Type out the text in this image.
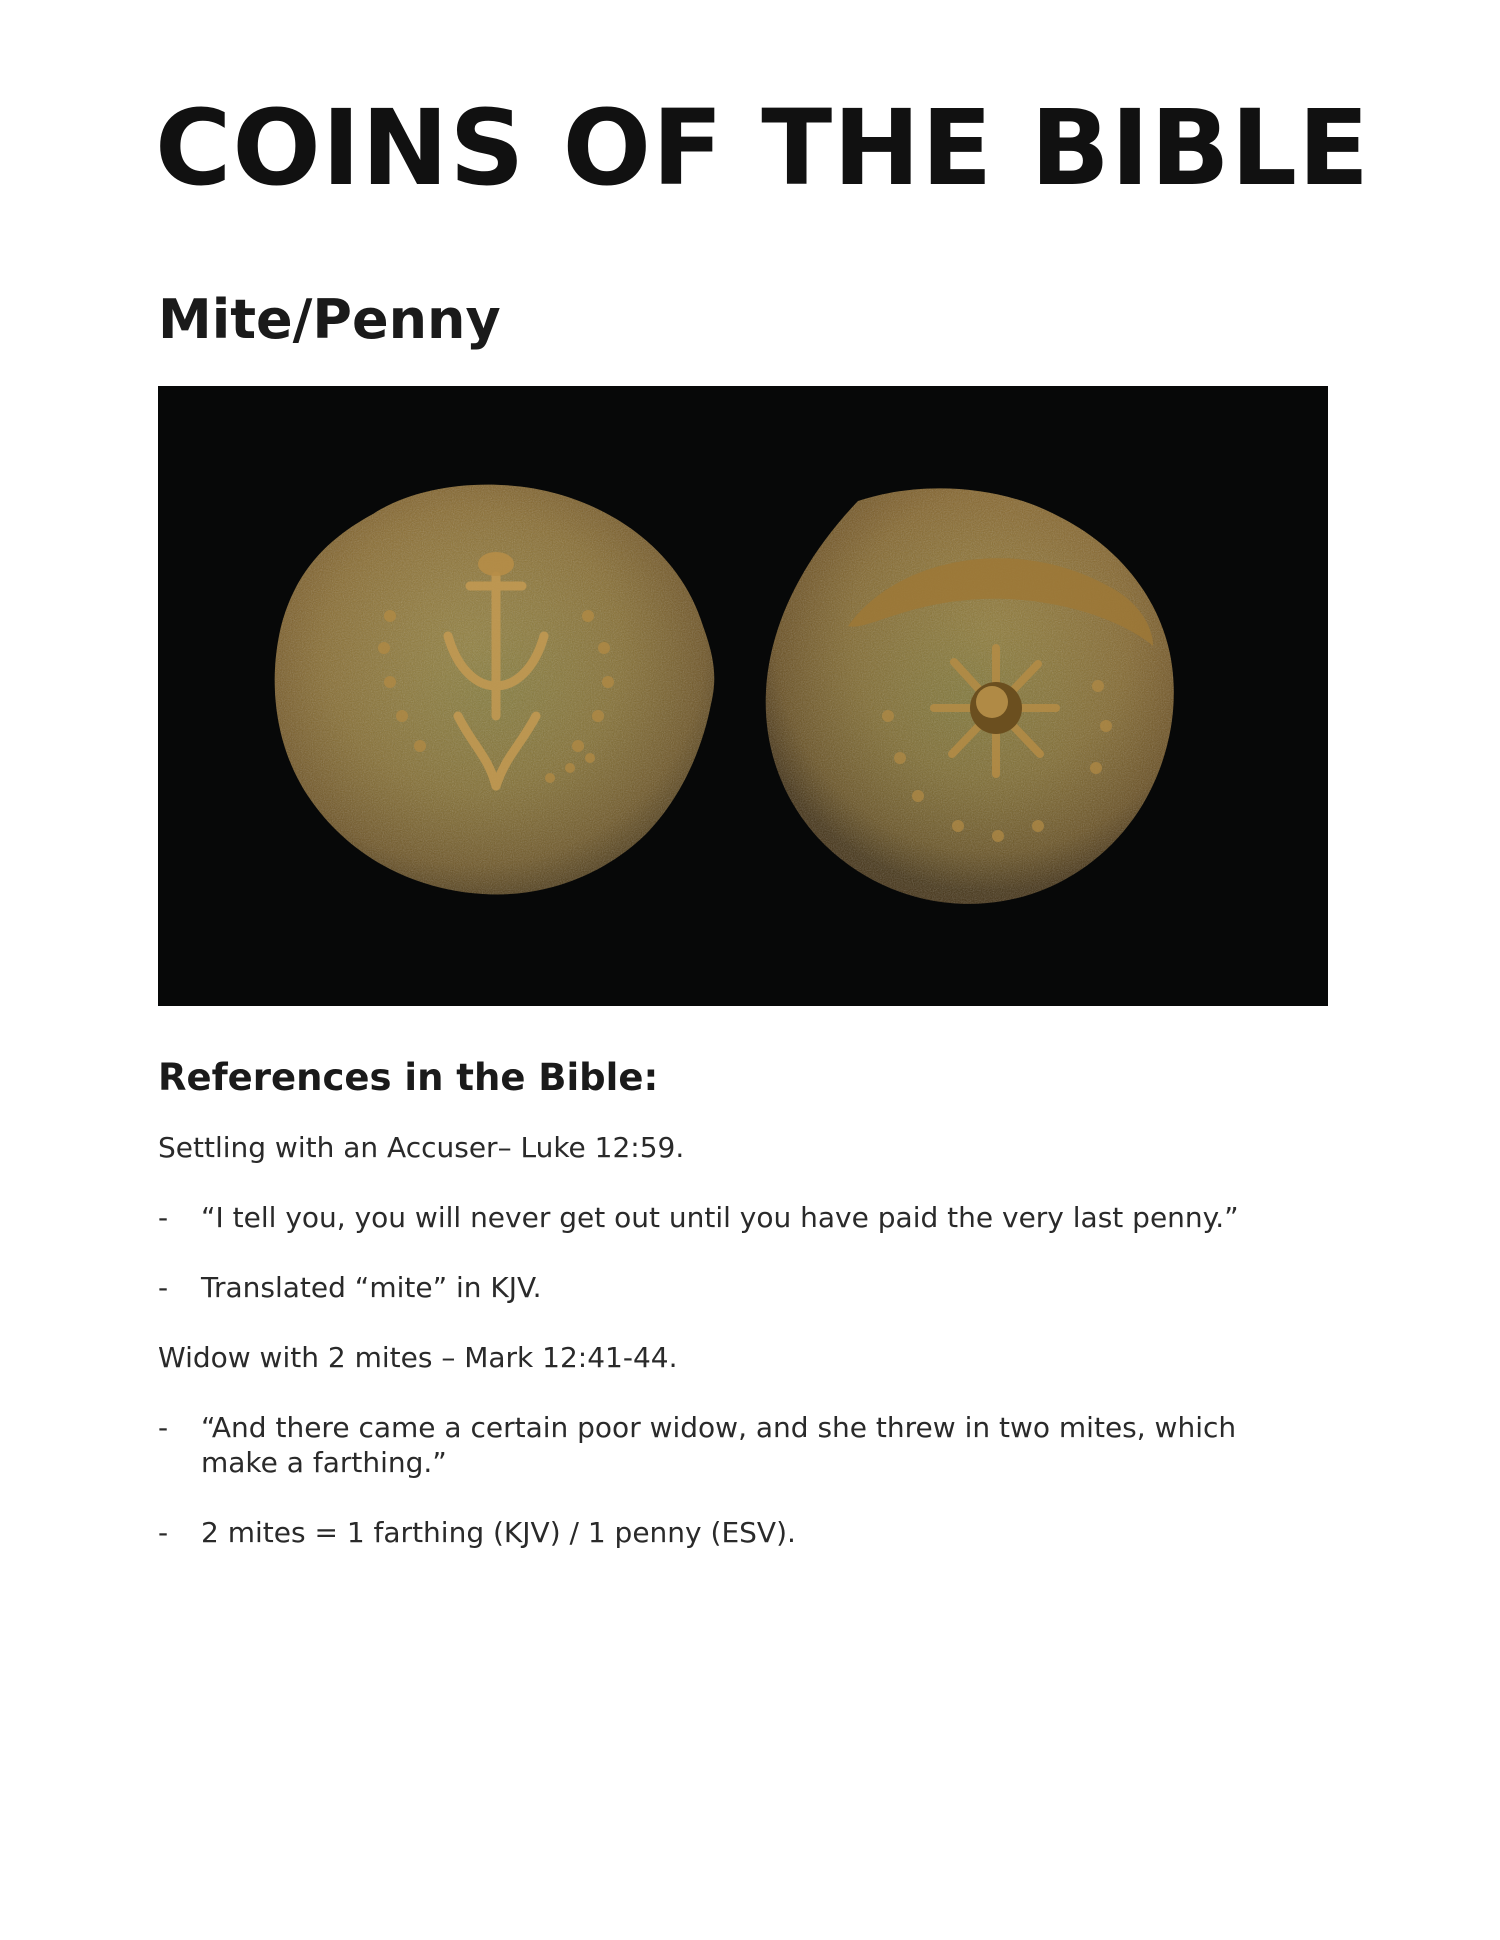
COINS OF THE BIBLE
Mite/Penny
References in the Bible:

Settling with an Accuser– Luke 12:59.

- “I tell you, you will never get out until you have paid the very last penny.”
- Translated “mite” in KJV.

Widow with 2 mites – Mark 12:41-44.

- “And there came a certain poor widow, and she threw in two mites, which make a farthing.”
- 2 mites = 1 farthing (KJV) / 1 penny (ESV).
